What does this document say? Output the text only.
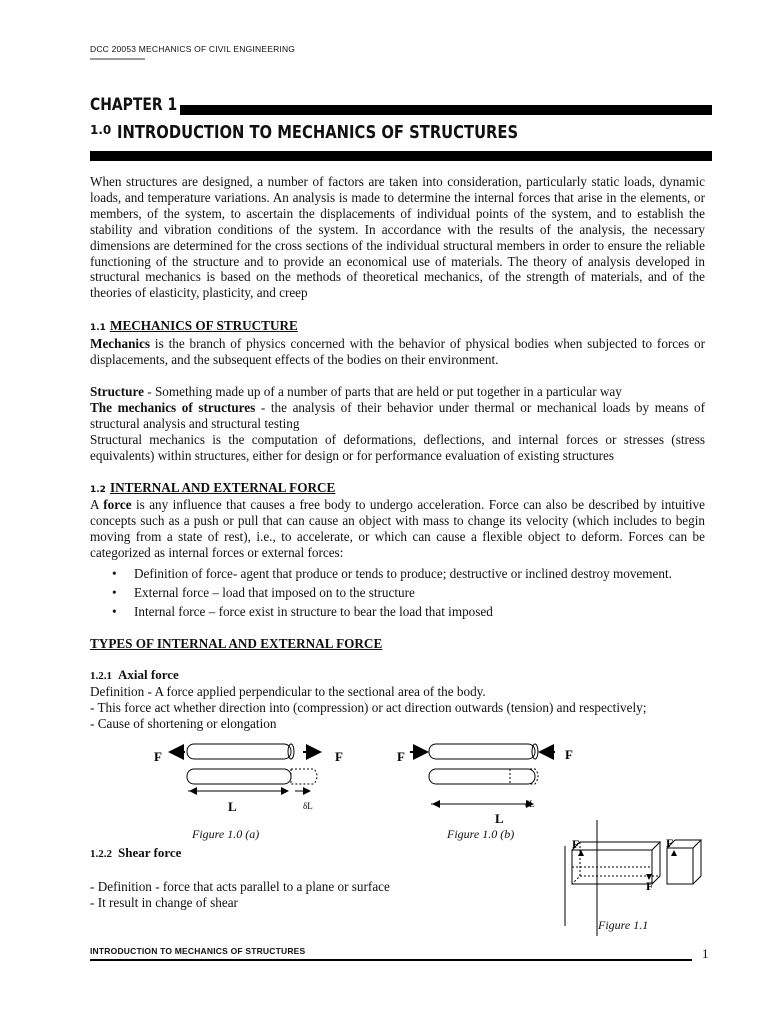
DCC 20053 MECHANICS OF CIVIL ENGINEERING
CHAPTER 1
1.0 INTRODUCTION TO MECHANICS OF STRUCTURES
When structures are designed, a number of factors are taken into consideration, particularly static loads, dynamic loads, and temperature variations. An analysis is made to determine the internal forces that arise in the elements, or members, of the system, to ascertain the displacements of individual points of the system, and to establish the stability and vibration conditions of the system. In accordance with the results of the analysis, the necessary dimensions are determined for the cross sections of the individual structural members in order to ensure the reliable functioning of the structure and to provide an economical use of materials. The theory of analysis developed in structural mechanics is based on the methods of theoretical mechanics, of the strength of materials, and of the theories of elasticity, plasticity, and creep
1.1 MECHANICS OF STRUCTURE
Mechanics is the branch of physics concerned with the behavior of physical bodies when subjected to forces or displacements, and the subsequent effects of the bodies on their environment.
Structure - Something made up of a number of parts that are held or put together in a particular way
The mechanics of structures - the analysis of their behavior under thermal or mechanical loads by means of structural analysis and structural testing
Structural mechanics is the computation of deformations, deflections, and internal forces or stresses (stress equivalents) within structures, either for design or for performance evaluation of existing structures
1.2 INTERNAL AND EXTERNAL FORCE
A force is any influence that causes a free body to undergo acceleration. Force can also be described by intuitive concepts such as a push or pull that can cause an object with mass to change its velocity (which includes to begin moving from a state of rest), i.e., to accelerate, or which can cause a flexible object to deform. Forces can be categorized as internal forces or external forces:
• Definition of force- agent that produce or tends to produce; destructive or inclined destroy movement.
• External force – load that imposed on to the structure
• Internal force – force exist in structure to bear the load that imposed
TYPES OF INTERNAL AND EXTERNAL FORCE
1.2.1 Axial force
Definition - A force applied perpendicular to the sectional area of the body.
- This force act whether direction into (compression) or act direction outwards (tension) and respectively;
- Cause of shortening or elongation
F	F
L	δL
Figure 1.0 (a)
F	F
L
δL
Figure 1.0 (b)
1.2.2 Shear force
- Definition - force that acts parallel to a plane or surface
- It result in change of shear
F
F
F
Figure 1.1
INTRODUCTION TO MECHANICS OF STRUCTURES	1
